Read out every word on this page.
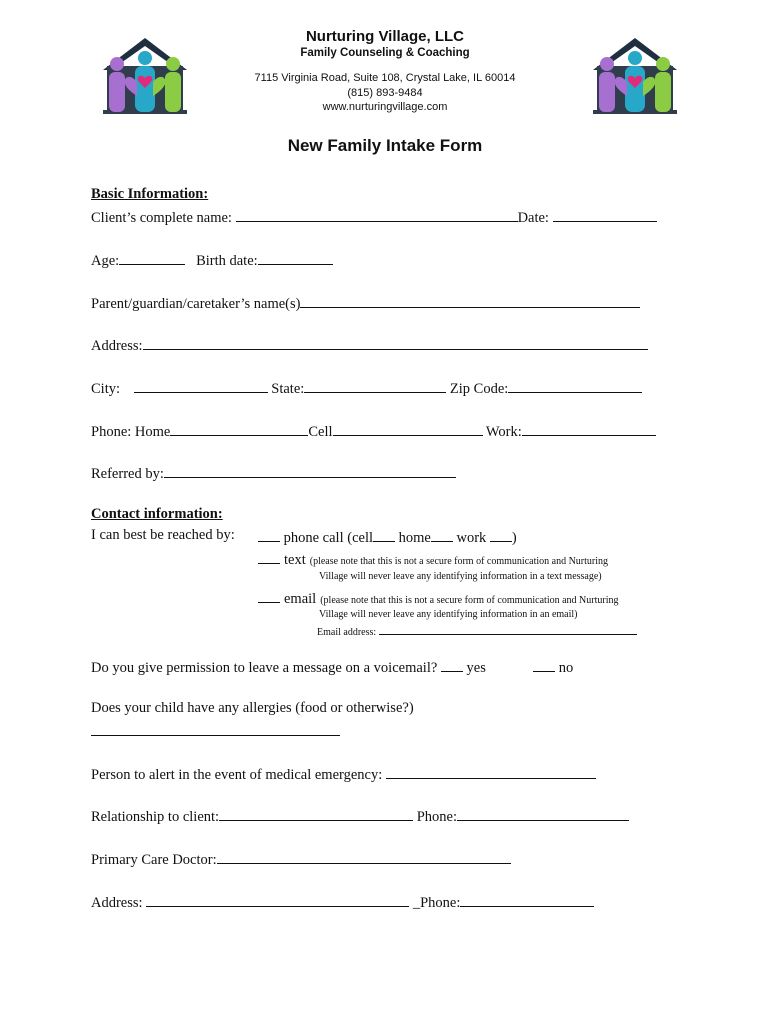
Nurturing Village, LLC
Family Counseling & Coaching
7115 Virginia Road, Suite 108, Crystal Lake, IL 60014
(815) 893-9484
www.nurturingvillage.com
New Family Intake Form
Basic Information:
Client’s complete name:	Date:
Age:	Birth date:
Parent/guardian/caretaker’s name(s)
Address:
City:	State:	Zip Code:
Phone: Home	Cell	Work:
Referred by:
Contact information:
I can best be reached by:	phone call (cell home work )
text (please note that this is not a secure form of communication and Nurturing
Village will never leave any identifying information in a text message)
email (please note that this is not a secure form of communication and Nurturing
Village will never leave any identifying information in an email)
Email address:
Do you give permission to leave a message on a voicemail? yes	no
Does your child have any allergies (food or otherwise?)
Person to alert in the event of medical emergency:
Relationship to client:	Phone:
Primary Care Doctor:
Address:	_Phone:
